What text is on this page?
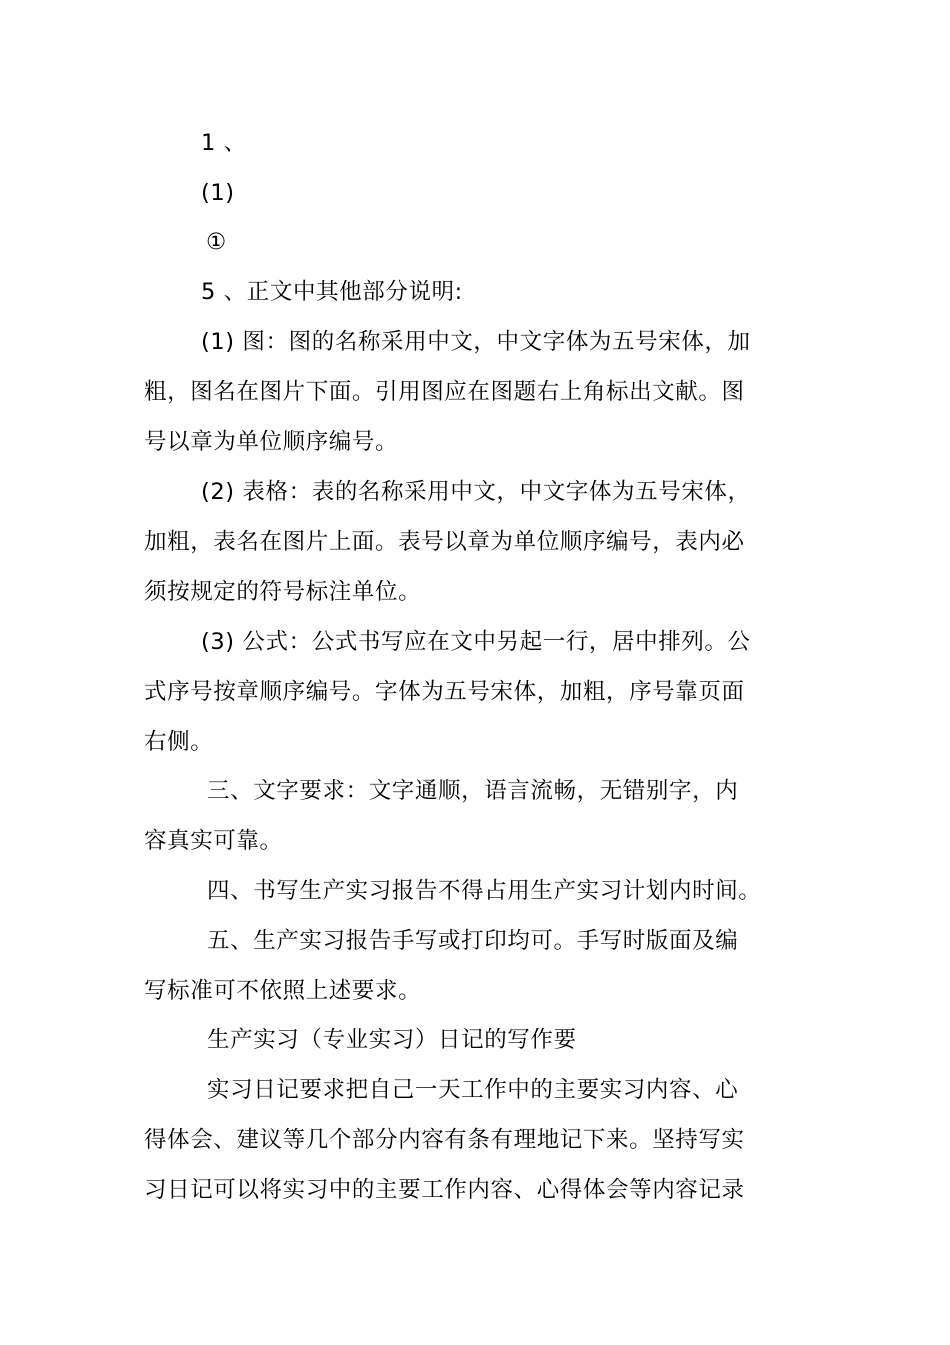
1 、
(1)
①
5 、正文中其他部分说明:
(1) 图：图的名称采用中文，中文字体为五号宋体，加
粗，图名在图片下面。引用图应在图题右上角标出文献。图
号以章为单位顺序编号。
(2) 表格：表的名称采用中文，中文字体为五号宋体，
加粗，表名在图片上面。表号以章为单位顺序编号，表内必
须按规定的符号标注单位。
(3) 公式：公式书写应在文中另起一行，居中排列。公
式序号按章顺序编号。字体为五号宋体，加粗，序号靠页面
右侧。
三、文字要求：文字通顺，语言流畅，无错别字，内
容真实可靠。
四、书写生产实习报告不得占用生产实习计划内时间。
五、生产实习报告手写或打印均可。手写时版面及编
写标准可不依照上述要求。
生产实习（专业实习）日记的写作要
实习日记要求把自己一天工作中的主要实习内容、心
得体会、建议等几个部分内容有条有理地记下来。坚持写实
习日记可以将实习中的主要工作内容、心得体会等内容记录
